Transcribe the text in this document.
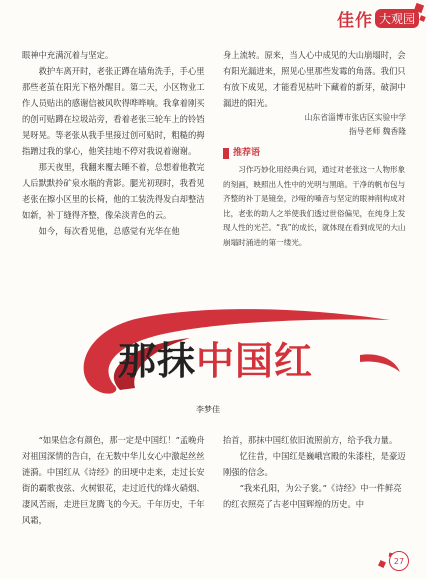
佳作 大观园

眼神中充满沉着与坚定。

救护车离开时，老张正蹲在墙角洗手，手心里那些老茧在阳光下格外醒目。第二天，小区物业工作人员贴出的感谢信被风吹得哗哗响。我拿着刚买的创可贴蹲在垃圾站旁，看着老张三轮车上的铃铛晃呀晃。等老张从我手里接过创可贴时，粗糙的拇指蹭过我的掌心，他笑挂地不停对我说着谢谢。

那天夜里，我翻来覆去睡不着，总想着他教完人后默默拎矿泉水瓶的背影。腿光初现时，我看见老张在擦小区里的长椅，他的工装洗得发白却整洁如新，补丁缝得齐整，像朵淡青色的云。

如今，每次看见他，总感觉有光华在他

身上流转。原来，当人心中成见的大山崩塌时，会有阳光漏进来，照见心里那些发霉的角落。我们只有放下成见，才能看见枯叶下藏着的新芽，破洞中漏进的阳光。

山东省淄博市张店区实验中学
指导老师 魏香隆
推荐语

习作巧妙化用经典台词，通过对老张这一人物形象的刻画，映照出人性中的光明与黑暗。干净的帆布包与齐整的补丁是镜垒，沙哑的嗓音与坚定的眼神削构成对比，老张的助人之举使我们透过世俗偏见，在纯身上发现人性的光芒。“我”的成长，就体现在看到成见的大山崩塌时涌进的第一缕光。

那抹中国红
李梦佳

“如果信念有颜色，那一定是中国红！”孟晚舟对祖国深情的告白，在无数中华儿女心中激起丝丝涟漪。中国红从《诗经》的田埂中走来，走过长安街的霸歌夜弦、火树银花，走过近代的烽火硝烟、凄风苦雨，走进巨龙腾飞的今天。千年历史，千年风霜，

抬首，那抹中国红依旧流照前方，给予我力量。

忆往昔，中国红是巍峨宫殿的朱漆柱，是豪迈刚强的信念。

“我来孔阳，为公子裳。”《诗经》中一件鲜亮的红衣照亮了古老中国辉煌的历史。中

27
